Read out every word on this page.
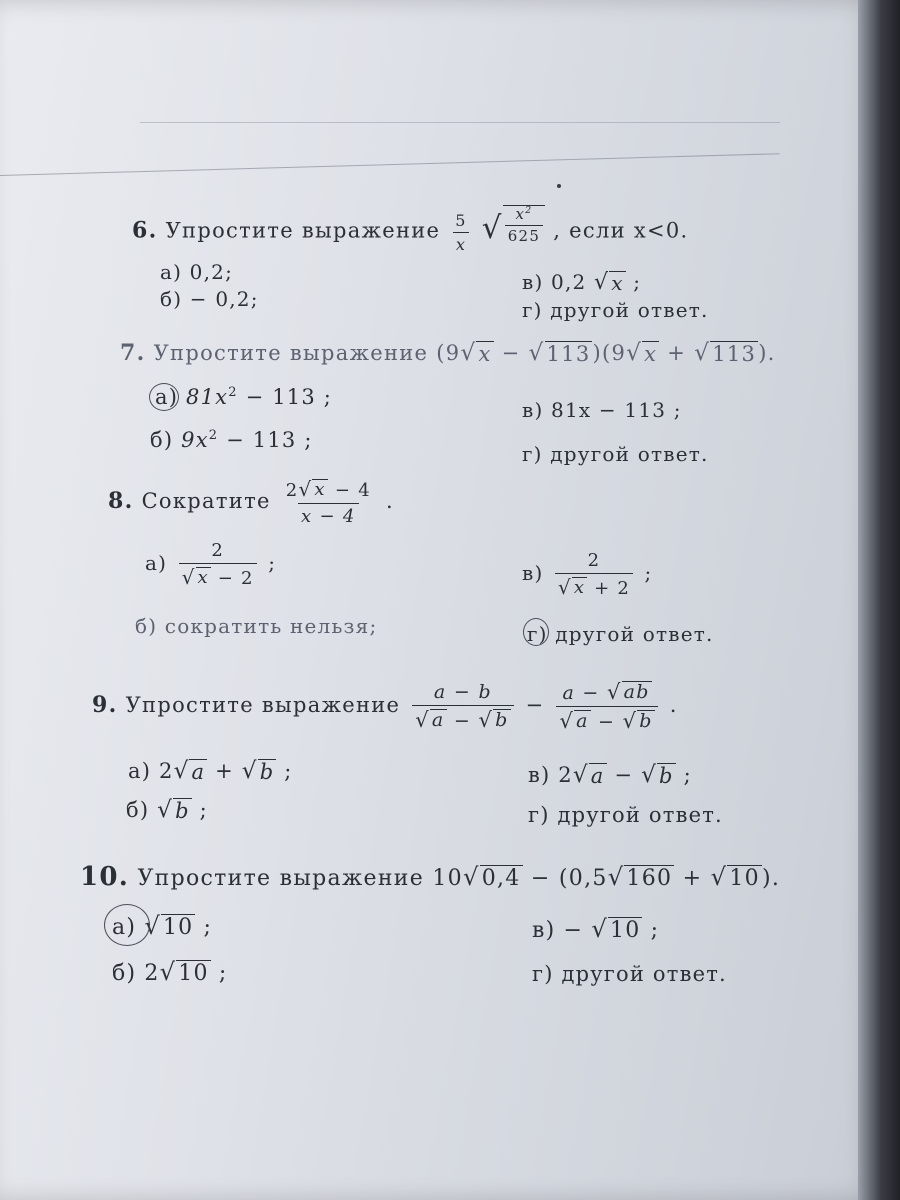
6. Упростите выражение $\frac{5}{x}$
√ $\frac{x^2}{625}$ , если x<0.
а) 0,2;
б) − 0,2;
в) 0,2 √ x ;
г) другой ответ.
7. Упростите выражение (9 √ x − √ 113 )(9 √ x + √ 113 ).
а) $81x^2 - 113$ ;
б) $9x^2 - 113$ ;
в) 81x − 113 ;
г) другой ответ.
8. Сократите $\frac{2 √ x - 4}{x - 4}$ .
$а) \frac{2}{√ x - 2}$ ;
б) сократить нельзя;
$в) \frac{2}{√ x + 2}$ ;
г) другой ответ.
9. Упростите выражение $\frac{a - b}{√ a - √ b} - \frac{a - √ ab}{√ a - √ b}$ .
а) 2 √ a + √ b ;
б) √ b ;
в) 2 √ a − √ b ;
г) другой ответ.
10. Упростите выражение 10 √ 0,4 − (0,5 √ 160 + √ 10 ).
а) √ 10 ;
б) 2 √ 10 ;
в) − √ 10 ;
г) другой ответ.
